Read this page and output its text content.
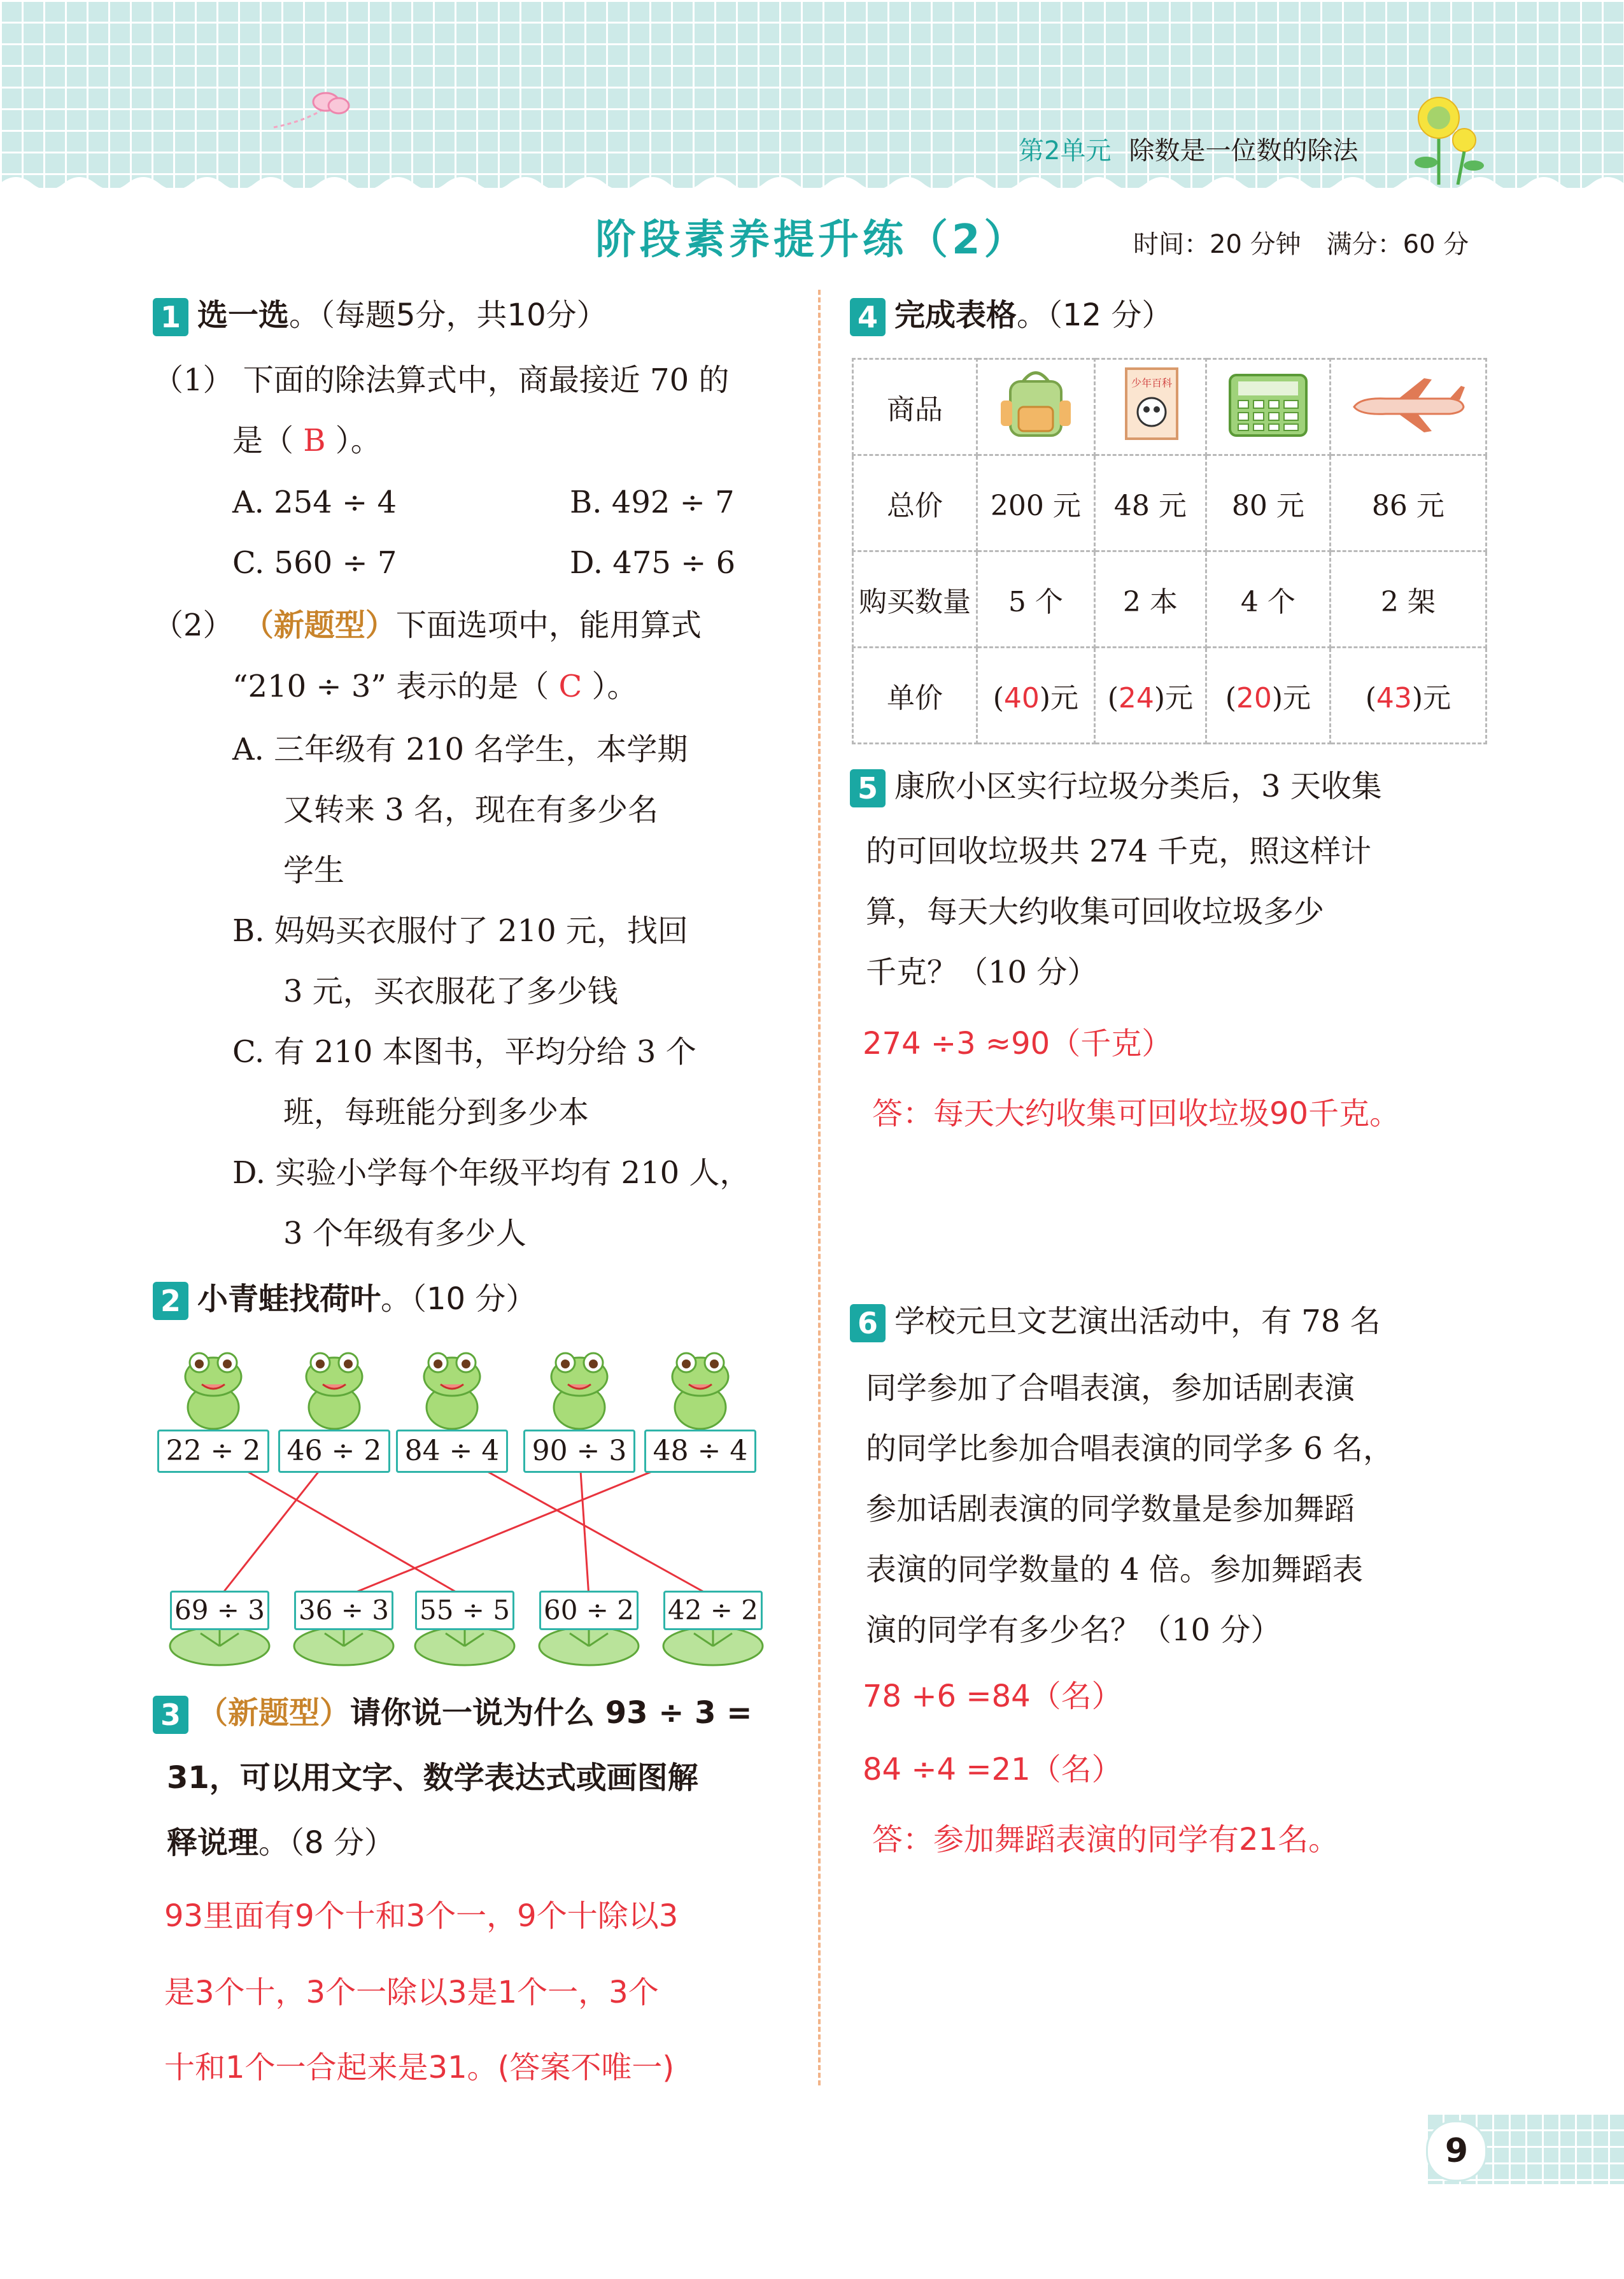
第2单元 除数是一位数的除法
阶段素养提升练（2）	时间：20 分钟 满分：60 分
1 选一选。（每题5分，共10分）
（1） 下面的除法算式中，商最接近 70 的
是（ B ）。
A. 254 ÷ 4	B. 492 ÷ 7
C. 560 ÷ 7	D. 475 ÷ 6
（2） （新题型）下面选项中，能用算式
“210 ÷ 3” 表示的是（ C ）。
A. 三年级有 210 名学生，本学期
又转来 3 名，现在有多少名
学生
B. 妈妈买衣服付了 210 元，找回
3 元，买衣服花了多少钱
C. 有 210 本图书，平均分给 3 个
班，每班能分到多少本
D. 实验小学每个年级平均有 210 人，
3 个年级有多少人
2 小青蛙找荷叶。（10 分）
22 ÷ 2 46 ÷ 2 84 ÷ 4	90 ÷ 3 48 ÷ 4
69 ÷ 3 36 ÷ 3 55 ÷ 5 60 ÷ 2 42 ÷ 2
3 （新题型）请你说一说为什么 93 ÷ 3 =
31，可以用文字、数学表达式或画图解
释说理。（8 分）
93里面有9个十和3个一，9个十除以3
是3个十，3个一除以3是1个一，3个
十和1个一合起来是31。(答案不唯一)
4 完成表格。（12 分）
商品		少年百科

总价	200 元	48 元	80 元	86 元
购买数量	5 个	2 本	4 个	2 架
单价	(40)元	(24)元	(20)元	(43)元
5 康欣小区实行垃圾分类后，3 天收集
的可回收垃圾共 274 千克，照这样计
算，每天大约收集可回收垃圾多少
千克？（10 分）
274 ÷3 ≈90（千克）
答：每天大约收集可回收垃圾90千克。
6 学校元旦文艺演出活动中，有 78 名
同学参加了合唱表演，参加话剧表演
的同学比参加合唱表演的同学多 6 名，
参加话剧表演的同学数量是参加舞蹈
表演的同学数量的 4 倍。参加舞蹈表
演的同学有多少名？（10 分）
78 +6 =84（名）
84 ÷4 =21（名）
答：参加舞蹈表演的同学有21名。
9
